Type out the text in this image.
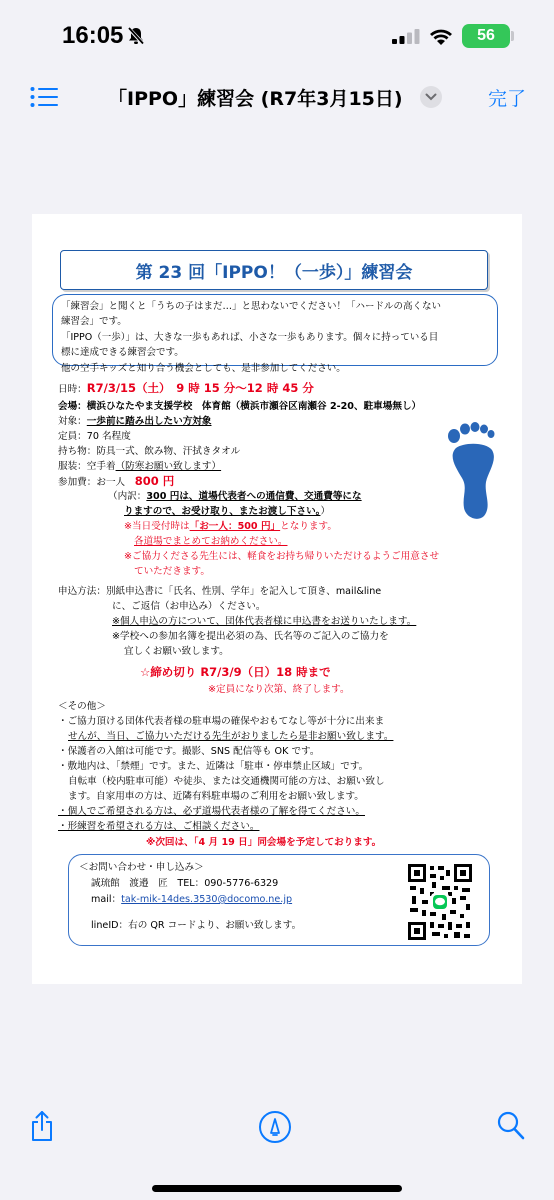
16:05	56
「IPPO」練習会 (R7年3月15日)	完了
第 23 回「IPPO！（一歩）」練習会
「練習会」と聞くと「うちの子はまだ…」と思わないでください！「ハードルの高くない
練習会」です。
「IPPO（一歩）」は、大きな一歩もあれば、小さな一歩もあります。個々に持っている目
標に達成できる練習会です。
他の空手キッズと知り合う機会としても、是非参加してください。
日時：R7/3/15（土）　9 時 15 分～12 時 45 分
会場：横浜ひなたやま支援学校　体育館（横浜市瀬谷区南瀬谷 2-20、駐車場無し）
対象：一歩前に踏み出したい方対象
定員：70 名程度
持ち物：防具一式、飲み物、汗拭きタオル
服装：空手着（防寒お願い致します）
参加費：お一人　 800 円
（内訳：300 円は、道場代表者への通信費、交通費等にな
りますので、お受け取り、またお渡し下さい。）
※当日受付時は「お一人：500 円」となります。
各道場でまとめてお納めください。
※ご協力くださる先生には、軽食をお持ち帰りいただけるようご用意させ
ていただきます。
申込方法：別紙申込書に「氏名、性別、学年」を記入して頂き、mail&line
に、ご返信（お申込み）ください。
※個人申込の方について、団体代表者様に申込書をお送りいたします。
※学校への参加名簿を提出必須の為、氏名等のご記入のご協力を
宜しくお願い致します。
☆締め切り R7/3/9（日）18 時まで
※定員になり次第、終了します。
＜その他＞
・ご協力頂ける団体代表者様の駐車場の確保やおもてなし等が十分に出来ま
せんが、当日、ご協力いただける先生がおりましたら是非お願い致します。
・保護者の入館は可能です。撮影、SNS 配信等も OK です。
・敷地内は、「禁煙」です。また、近隣は「駐車・停車禁止区域」です。
自転車（校内駐車可能）や徒歩、または交通機関可能の方は、お願い致し
ます。自家用車の方は、近隣有料駐車場のご利用をお願い致します。
・個人でご希望される方は、必ず道場代表者様の了解を得てください。
・形練習を希望される方は、ご相談ください。
※次回は、「4 月 19 日」同会場を予定しております。
＜お問い合わせ・申し込み＞
誠琉館　渡邉　匠　TEL：090-5776-6329
mail：tak-mik-14des.3530@docomo.ne.jp
lineID：右の QR コードより、お願い致します。
